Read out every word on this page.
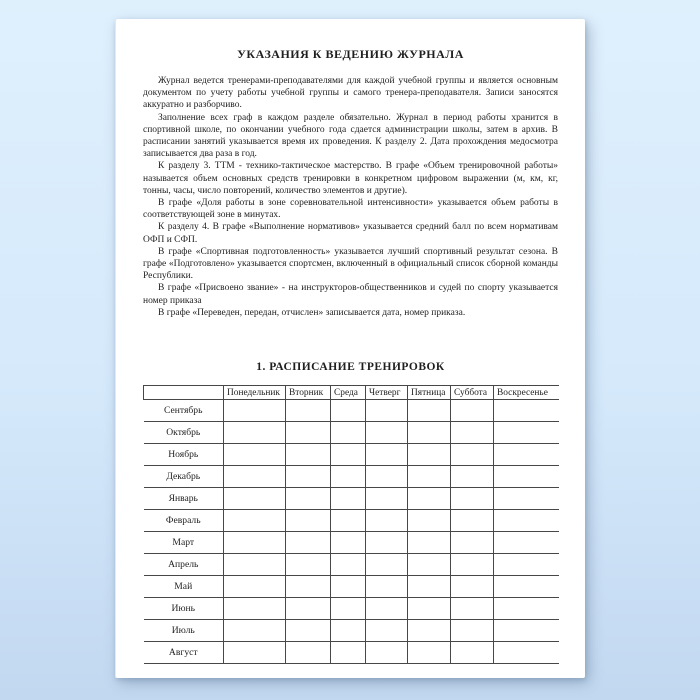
УКАЗАНИЯ К ВЕДЕНИЮ ЖУРНАЛА

Журнал ведется тренерами-преподавателями для каждой учебной группы и является основным документом по учету работы учебной группы и самого тренера-преподавателя. Записи заносятся аккуратно и разборчиво.

Заполнение всех граф в каждом разделе обязательно. Журнал в период работы хранится в спортивной школе, по окончании учебного года сдается администрации школы, затем в архив. В расписании занятий указывается время их проведения. К разделу 2. Дата прохождения медосмотра записывается два раза в год.

К разделу 3. ТТМ - технико-тактическое мастерство. В графе «Объем тренировочной работы» называется объем основных средств тренировки в конкретном цифровом выражении (м, км, кг, тонны, часы, число повторений, количество элементов и другие).

В графе «Доля работы в зоне соревновательной интенсивности» указывается объем работы в соответствующей зоне в минутах.

К разделу 4. В графе «Выполнение нормативов» указывается средний балл по всем нормативам ОФП и СФП.

В графе «Спортивная подготовленность» указывается лучший спортивный результат сезона. В графе «Подготовлено» указывается спортсмен, включенный в официальный список сборной команды Республики.

В графе «Присвоено звание» - на инструкторов-общественников и судей по спорту указывается номер приказа

В графе «Переведен, передан, отчислен» записывается дата, номер приказа.

1. РАСПИСАНИЕ ТРЕНИРОВОК
	Понедельник	Вторник	Среда	Четверг	Пятница	Суббота	Воскресенье
Сентябрь							
Октябрь							
Ноябрь							
Декабрь							
Январь							
Февраль							
Март							
Апрель							
Май							
Июнь							
Июль							
Август							
